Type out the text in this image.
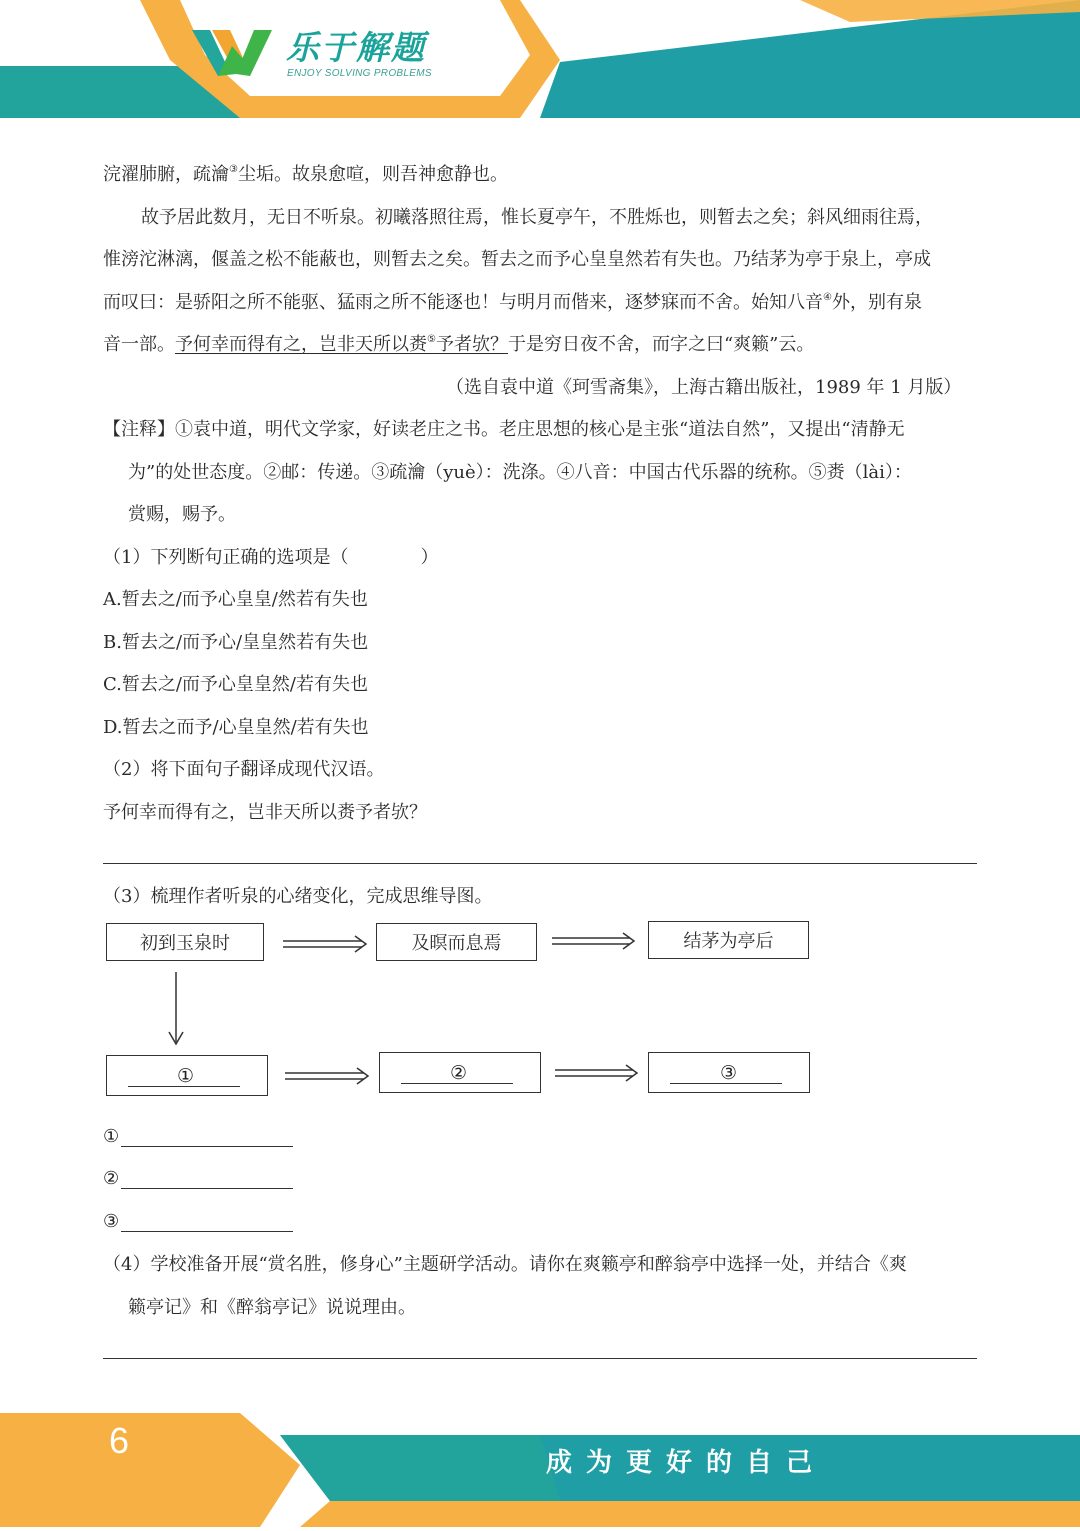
乐于解题
ENJOY SOLVING PROBLEMS
浣濯肺腑，疏瀹③尘垢。故泉愈喧，则吾神愈静也。
故予居此数月，无日不听泉。初曦落照往焉，惟长夏亭午，不胜烁也，则暂去之矣；斜风细雨往焉，
惟滂沱淋漓，偃盖之松不能蔽也，则暂去之矣。暂去之而予心皇皇然若有失也。乃结茅为亭于泉上，亭成
而叹曰：是骄阳之所不能驱、猛雨之所不能逐也！与明月而偕来，逐梦寐而不舍。始知八音④外，别有泉
音一部。予何幸而得有之，岂非天所以赉⑤予者欤？于是穷日夜不舍，而字之曰“爽籁”云。
（选自袁中道《珂雪斋集》，上海古籍出版社，1989 年 1 月版）
【注释】①袁中道，明代文学家，好读老庄之书。老庄思想的核心是主张“道法自然”，又提出“清静无
为”的处世态度。②邮：传递。③疏瀹（yuè）：洗涤。④八音：中国古代乐器的统称。⑤赉（lài）：
赏赐，赐予。
（1）下列断句正确的选项是（　　　　）
A.暂去之/而予心皇皇/然若有失也
B.暂去之/而予心/皇皇然若有失也
C.暂去之/而予心皇皇然/若有失也
D.暂去之而予/心皇皇然/若有失也
（2）将下面句子翻译成现代汉语。
予何幸而得有之，岂非天所以赉予者欤？
（3）梳理作者听泉的心绪变化，完成思维导图。
初到玉泉时	及暝而息焉	结茅为亭后
①	②	③
①
②
③
（4）学校准备开展“赏名胜，修身心”主题研学活动。请你在爽籁亭和醉翁亭中选择一处，并结合《爽
籁亭记》和《醉翁亭记》说说理由。
6
成为更好的自己
